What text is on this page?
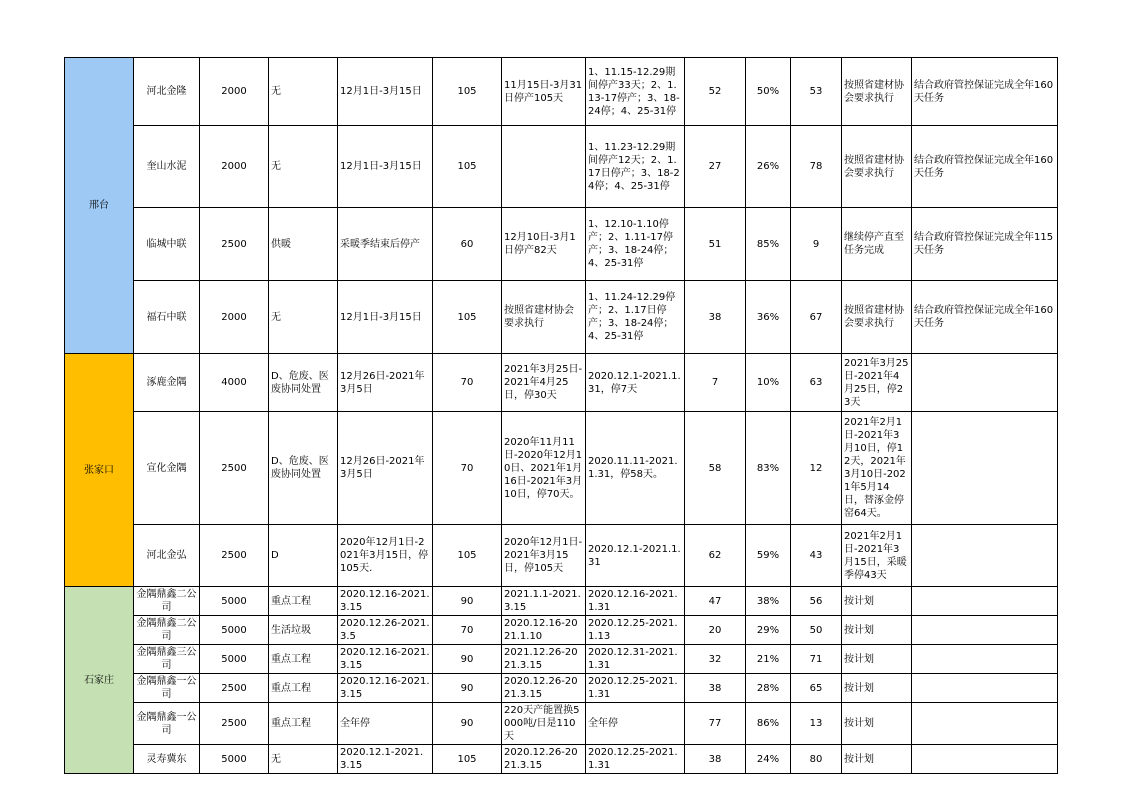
邢台	河北金隆	2000	无	12月1日-3月15日	105	11月15日-3月31日停产105天	1、11.15-12.29期间停产33天；2、1.13-17停产；3、18-24停；4、25-31停	52	50%	53	按照省建材协会要求执行	结合政府管控保证完成全年160天任务
	奎山水泥	2000	无	12月1日-3月15日	105		1、11.23-12.29期间停产12天；2、1.17日停产；3、18-24停；4、25-31停	27	26%	78	按照省建材协会要求执行	结合政府管控保证完成全年160天任务
	临城中联	2500	供暖	采暖季结束后停产	60	12月10日-3月1日停产82天	1、12.10-1.10停产；2、1.11-17停产；3、18-24停；4、25-31停	51	85%	9	继续停产直至任务完成	结合政府管控保证完成全年115天任务
	福石中联	2000	无	12月1日-3月15日	105	按照省建材协会要求执行	1、11.24-12.29停产；2、1.17日停产；3、18-24停；4、25-31停	38	36%	67	按照省建材协会要求执行	结合政府管控保证完成全年160天任务
张家口	涿鹿金隅	4000	D、危废、医废协同处置	12月26日-2021年3月5日	70	2021年3月25日-2021年4月25日，停30天	2020.12.1-2021.1.31，停7天	7	10%	63	2021年3月25日-2021年4月25日，停23天	
	宣化金隅	2500	D、危废、医废协同处置	12月26日-2021年3月5日	70	2020年11月11日-2020年12月10日、2021年1月16日-2021年3月10日，停70天。	2020.11.11-2021.1.31，停58天。	58	83%	12	2021年2月1日-2021年3月10日，停12天，2021年3月10日-2021年5月14日，替涿金停窑64天。	
	河北金弘	2500	D	2020年12月1日-2021年3月15日，停105天.	105	2020年12月1日-2021年3月15日，停105天	2020.12.1-2021.1.31	62	59%	43	2021年2月1日-2021年3月15日，采暖季停43天	
石家庄	金隅鼎鑫二公司	5000	重点工程	2020.12.16-2021.3.15	90	2021.1.1-2021.3.15	2020.12.16-2021.1.31	47	38%	56	按计划	
	金隅鼎鑫二公司	5000	生活垃圾	2020.12.26-2021.3.5	70	2020.12.16-2021.1.10	2020.12.25-2021.1.13	20	29%	50	按计划	
	金隅鼎鑫三公司	5000	重点工程	2020.12.16-2021.3.15	90	2021.12.26-2021.3.15	2020.12.31-2021.1.31	32	21%	71	按计划	
	金隅鼎鑫一公司	2500	重点工程	2020.12.16-2021.3.15	90	2020.12.26-2021.3.15	2020.12.25-2021.1.31	38	28%	65	按计划	
	金隅鼎鑫一公司	2500	重点工程	全年停	90	220天产能置换5000吨/日是110天	全年停	77	86%	13	按计划	
	灵寿冀东	5000	无	2020.12.1-2021.3.15	105	2020.12.26-2021.3.15	2020.12.25-2021.1.31	38	24%	80	按计划	
